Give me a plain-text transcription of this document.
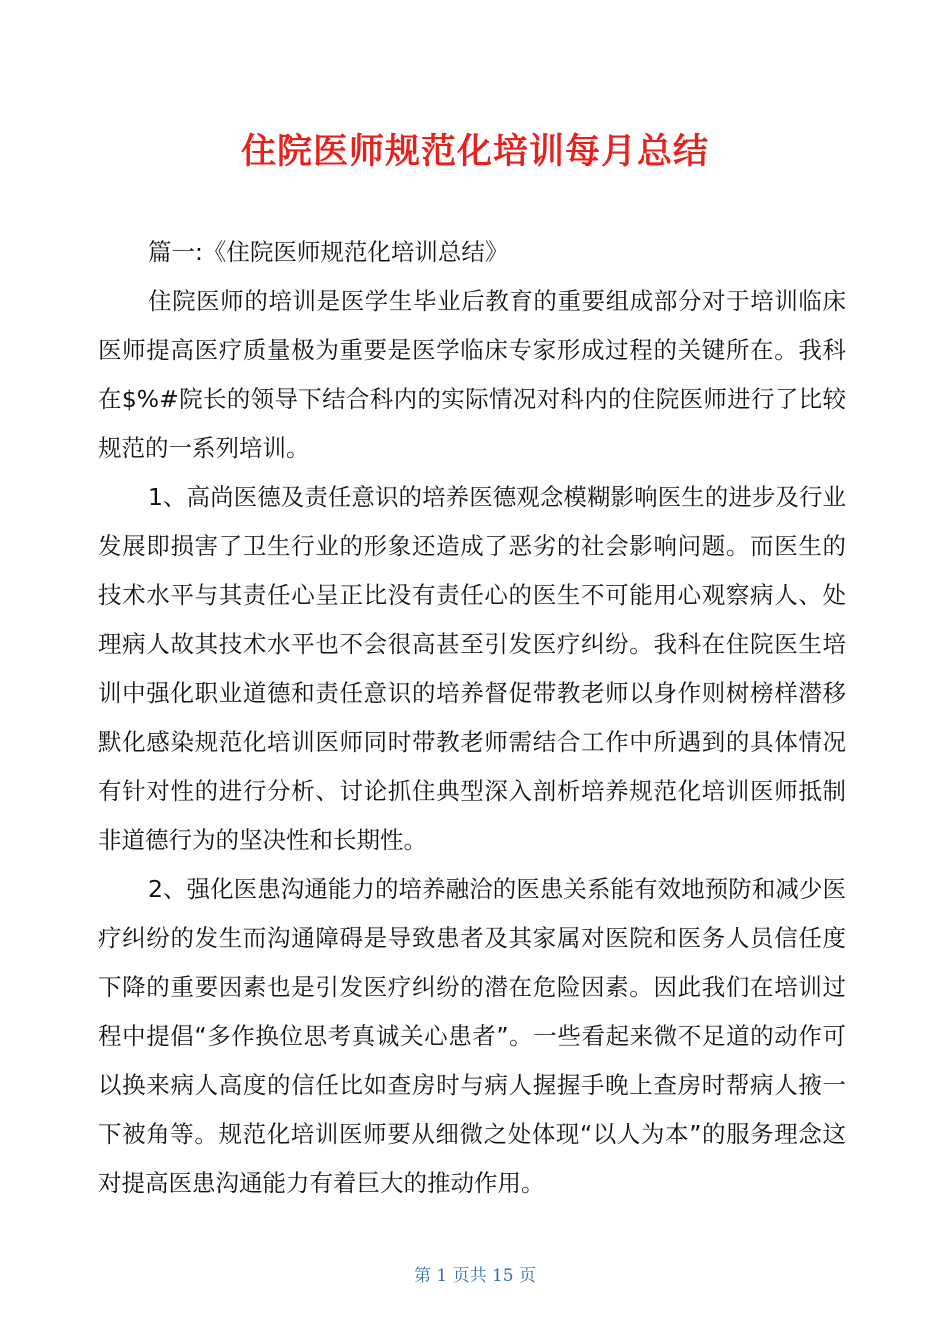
住院医师规范化培训每月总结

篇一:《住院医师规范化培训总结》

住院医师的培训是医学生毕业后教育的重要组成部分对于培训临床医师提高医疗质量极为重要是医学临床专家形成过程的关键所在。我科在$%#院长的领导下结合科内的实际情况对科内的住院医师进行了比较规范的一系列培训。

1、高尚医德及责任意识的培养医德观念模糊影响医生的进步及行业发展即损害了卫生行业的形象还造成了恶劣的社会影响问题。而医生的技术水平与其责任心呈正比没有责任心的医生不可能用心观察病人、处理病人故其技术水平也不会很高甚至引发医疗纠纷。我科在住院医生培训中强化职业道德和责任意识的培养督促带教老师以身作则树榜样潜移默化感染规范化培训医师同时带教老师需结合工作中所遇到的具体情况有针对性的进行分析、讨论抓住典型深入剖析培养规范化培训医师抵制非道德行为的坚决性和长期性。

2、强化医患沟通能力的培养融洽的医患关系能有效地预防和减少医疗纠纷的发生而沟通障碍是导致患者及其家属对医院和医务人员信任度下降的重要因素也是引发医疗纠纷的潜在危险因素。因此我们在培训过程中提倡“多作换位思考真诚关心患者”。一些看起来微不足道的动作可以换来病人高度的信任比如查房时与病人握握手晚上查房时帮病人掖一下被角等。规范化培训医师要从细微之处体现“以人为本”的服务理念这对提高医患沟通能力有着巨大的推动作用。

第 1 页共 15 页
